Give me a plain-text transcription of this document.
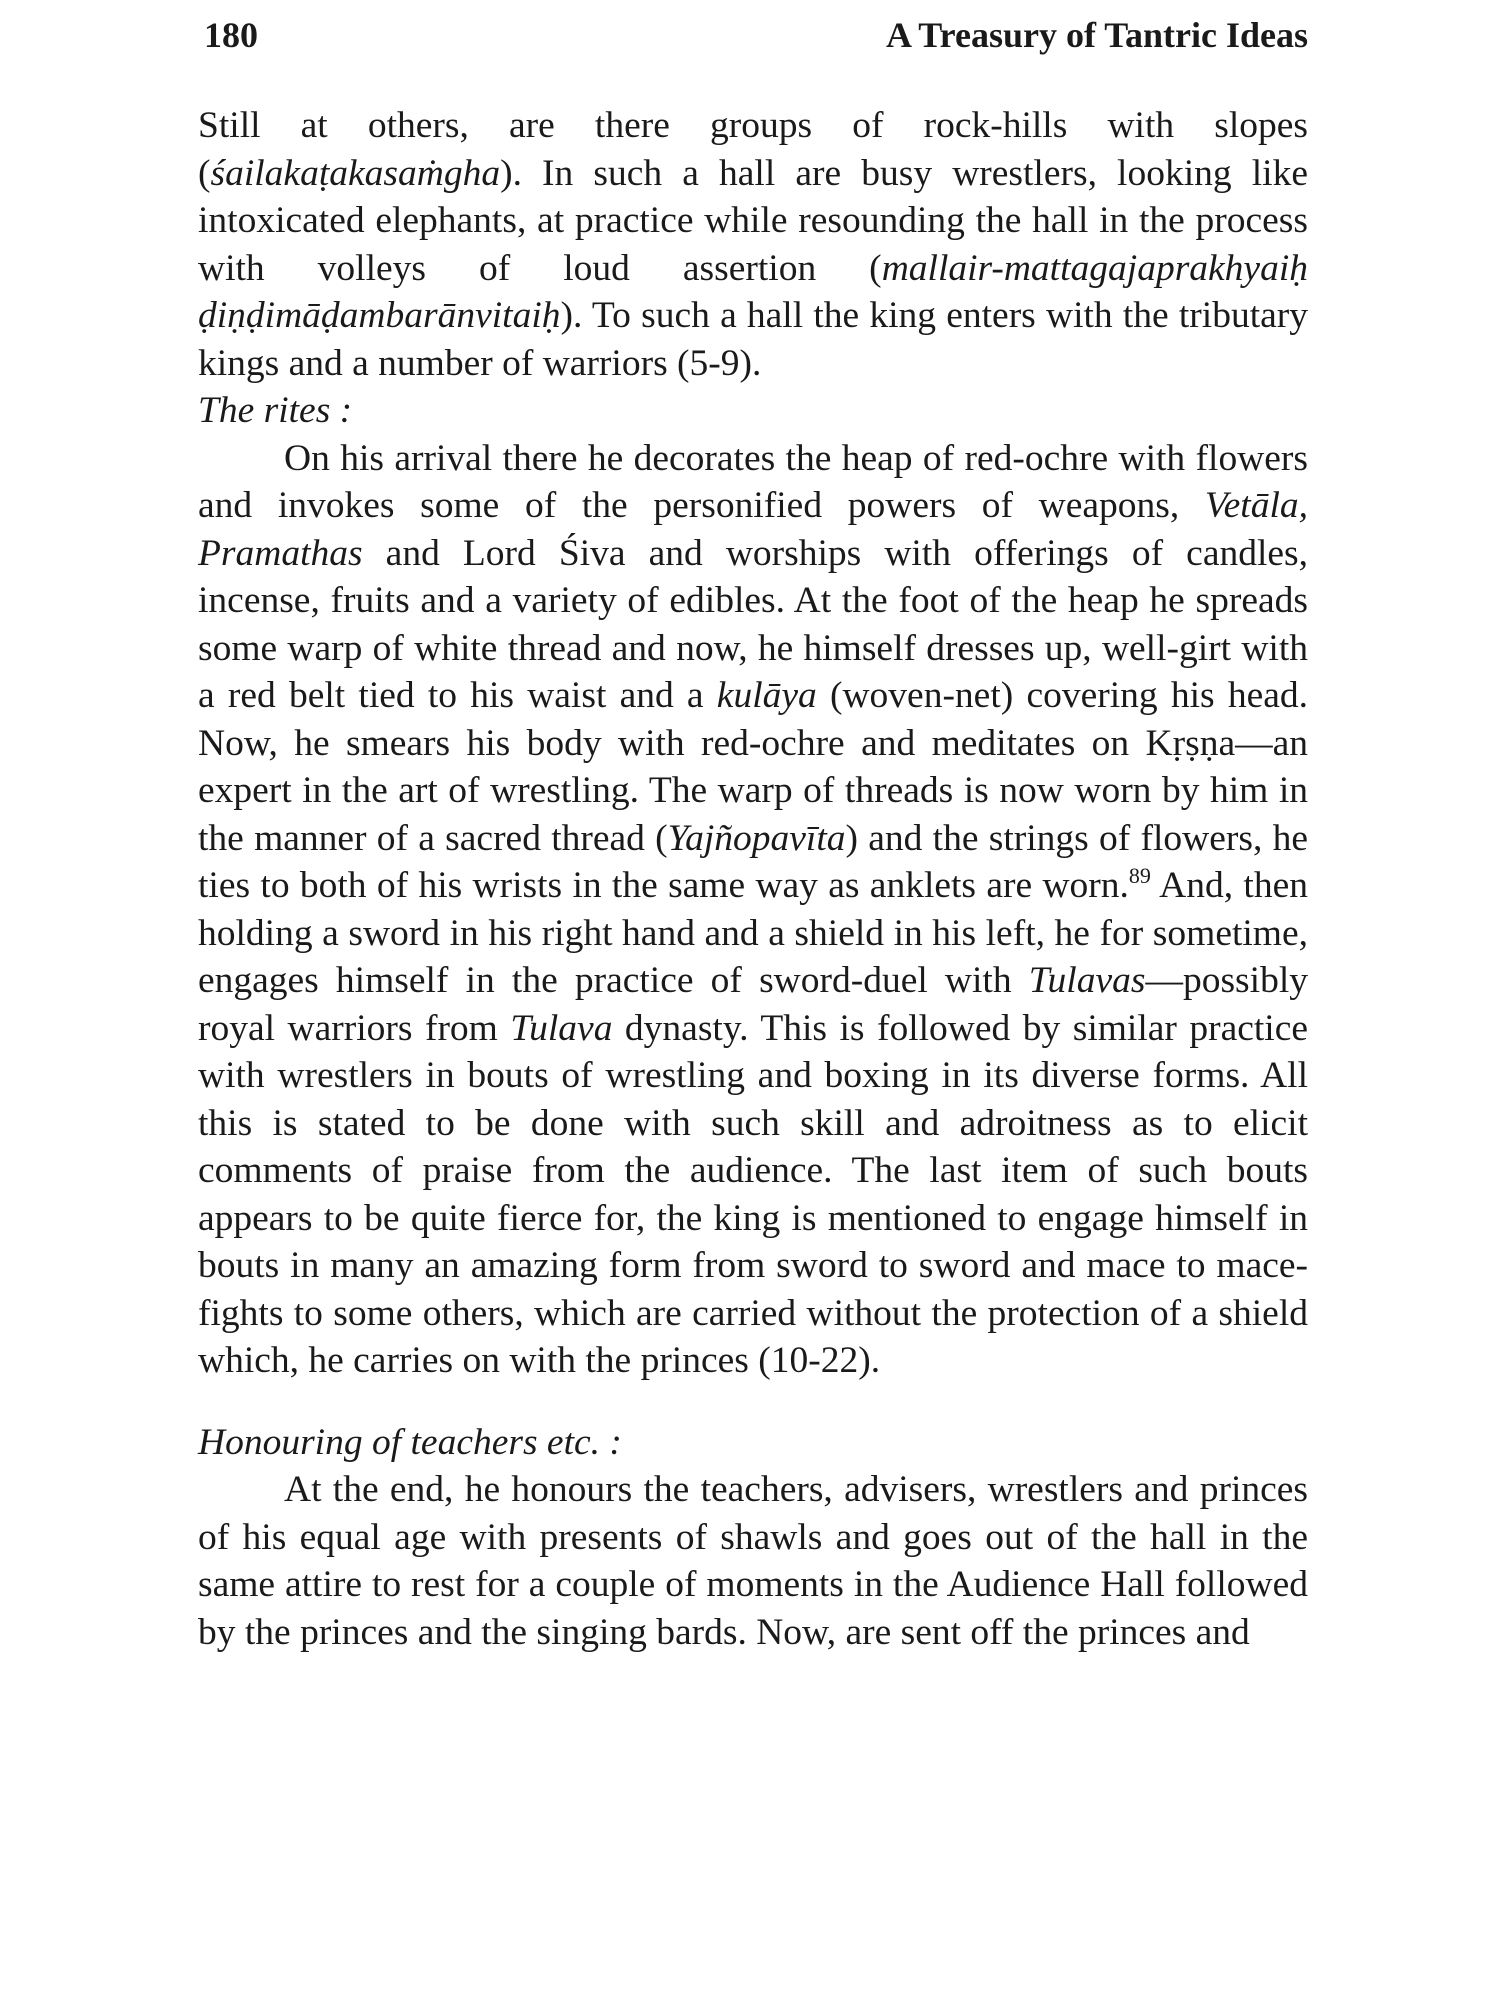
180	A Treasury of Tantric Ideas

Still at others, are there groups of rock-hills with slopes (śailakaṭakasaṁgha). In such a hall are busy wrestlers, looking like intoxicated elephants, at practice while resounding the hall in the process with volleys of loud assertion (mallair-mattagajaprakhyaiḥ ḍiṇḍimāḍambarānvitaiḥ). To such a hall the king enters with the tributary kings and a number of warriors (5-9).

The rites :

On his arrival there he decorates the heap of red-ochre with flowers and invokes some of the personified powers of weapons, Vetāla, Pramathas and Lord Śiva and worships with offerings of candles, incense, fruits and a variety of edibles. At the foot of the heap he spreads some warp of white thread and now, he himself dresses up, well-girt with a red belt tied to his waist and a kulāya (woven-net) covering his head. Now, he smears his body with red-ochre and meditates on Kṛṣṇa—an expert in the art of wrestling. The warp of threads is now worn by him in the manner of a sacred thread (Yajñopavīta) and the strings of flowers, he ties to both of his wrists in the same way as anklets are worn.$^{89}$ And, then holding a sword in his right hand and a shield in his left, he for sometime, engages himself in the practice of sword-duel with Tulavas—possibly royal warriors from Tulava dynasty. This is followed by similar practice with wrestlers in bouts of wrestling and boxing in its diverse forms. All this is stated to be done with such skill and adroitness as to elicit comments of praise from the audience. The last item of such bouts appears to be quite fierce for, the king is mentioned to engage himself in bouts in many an amazing form from sword to sword and mace to mace-fights to some others, which are carried without the protection of a shield which, he carries on with the princes (10-22).

Honouring of teachers etc. :

At the end, he honours the teachers, advisers, wrestlers and princes of his equal age with presents of shawls and goes out of the hall in the same attire to rest for a couple of moments in the Audience Hall followed by the princes and the singing bards. Now, are sent off the princes and
